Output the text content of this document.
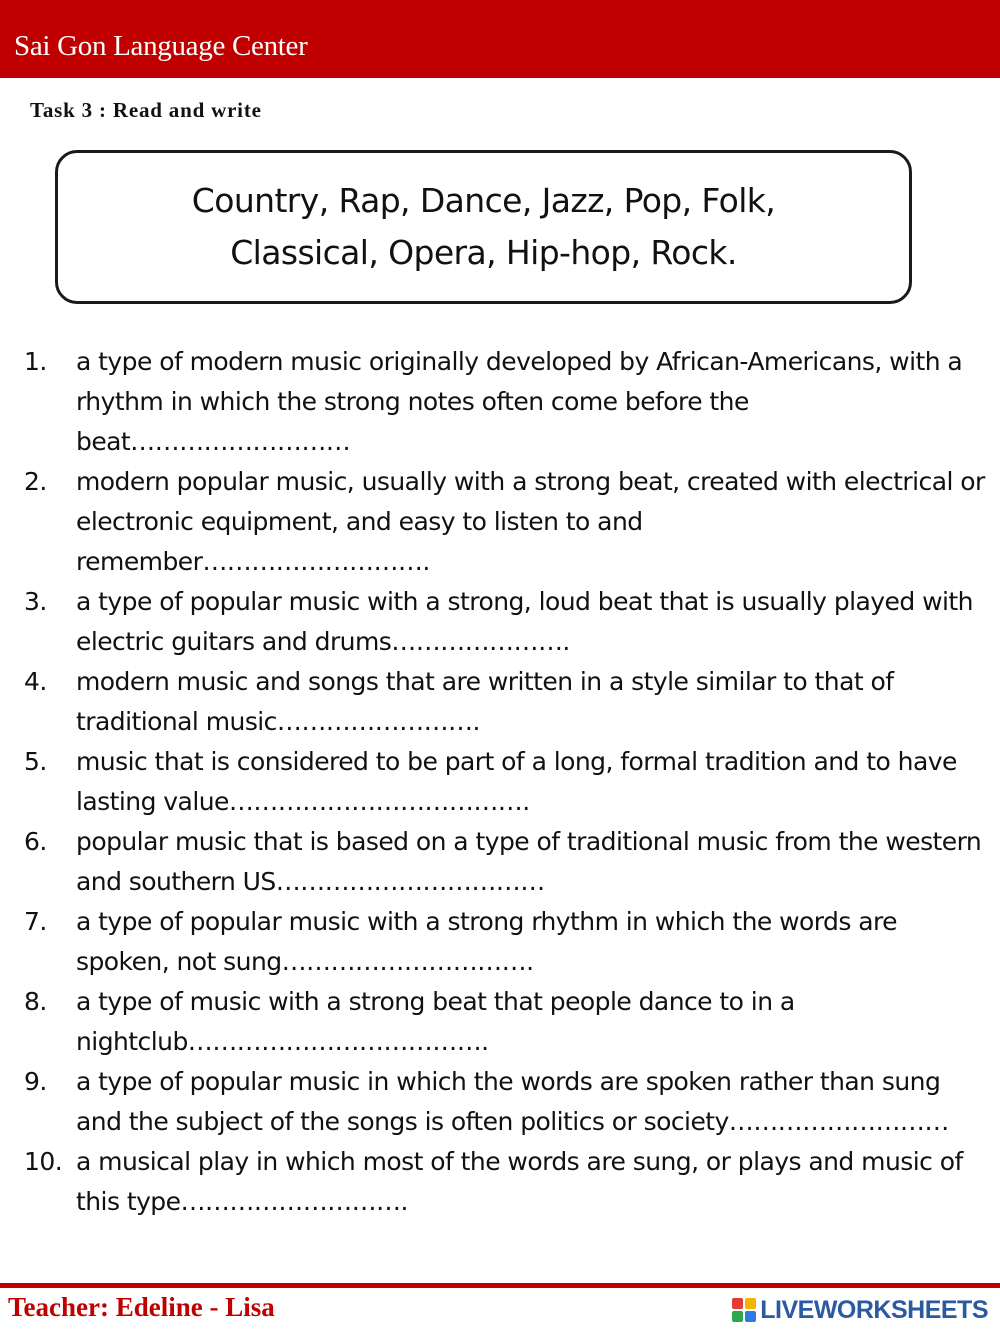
Sai Gon Language Center
Task 3 : Read and write
Country, Rap, Dance, Jazz, Pop, Folk,
Classical, Opera, Hip-hop, Rock.
1. a type of modern music originally developed by African-Americans, with a rhythm in which the strong notes often come before the beat………………………
2. modern popular music, usually with a strong beat, created with electrical or electronic equipment, and easy to listen to and remember……………………….
3. a type of popular music with a strong, loud beat that is usually played with electric guitars and drums………………….
4. modern music and songs that are written in a style similar to that of traditional music…………………….
5. music that is considered to be part of a long, formal tradition and to have lasting value……………………………….
6. popular music that is based on a type of traditional music from the western and southern US……………………………
7. a type of popular music with a strong rhythm in which the words are spoken, not sung………………………….
8. a type of music with a strong beat that people dance to in a nightclub……………………………….
9. a type of popular music in which the words are spoken rather than sung and the subject of the songs is often politics or society………………………
10. a musical play in which most of the words are sung, or plays and music of this type……………………….
Teacher: Edeline - Lisa	LIVEWORKSHEETS
